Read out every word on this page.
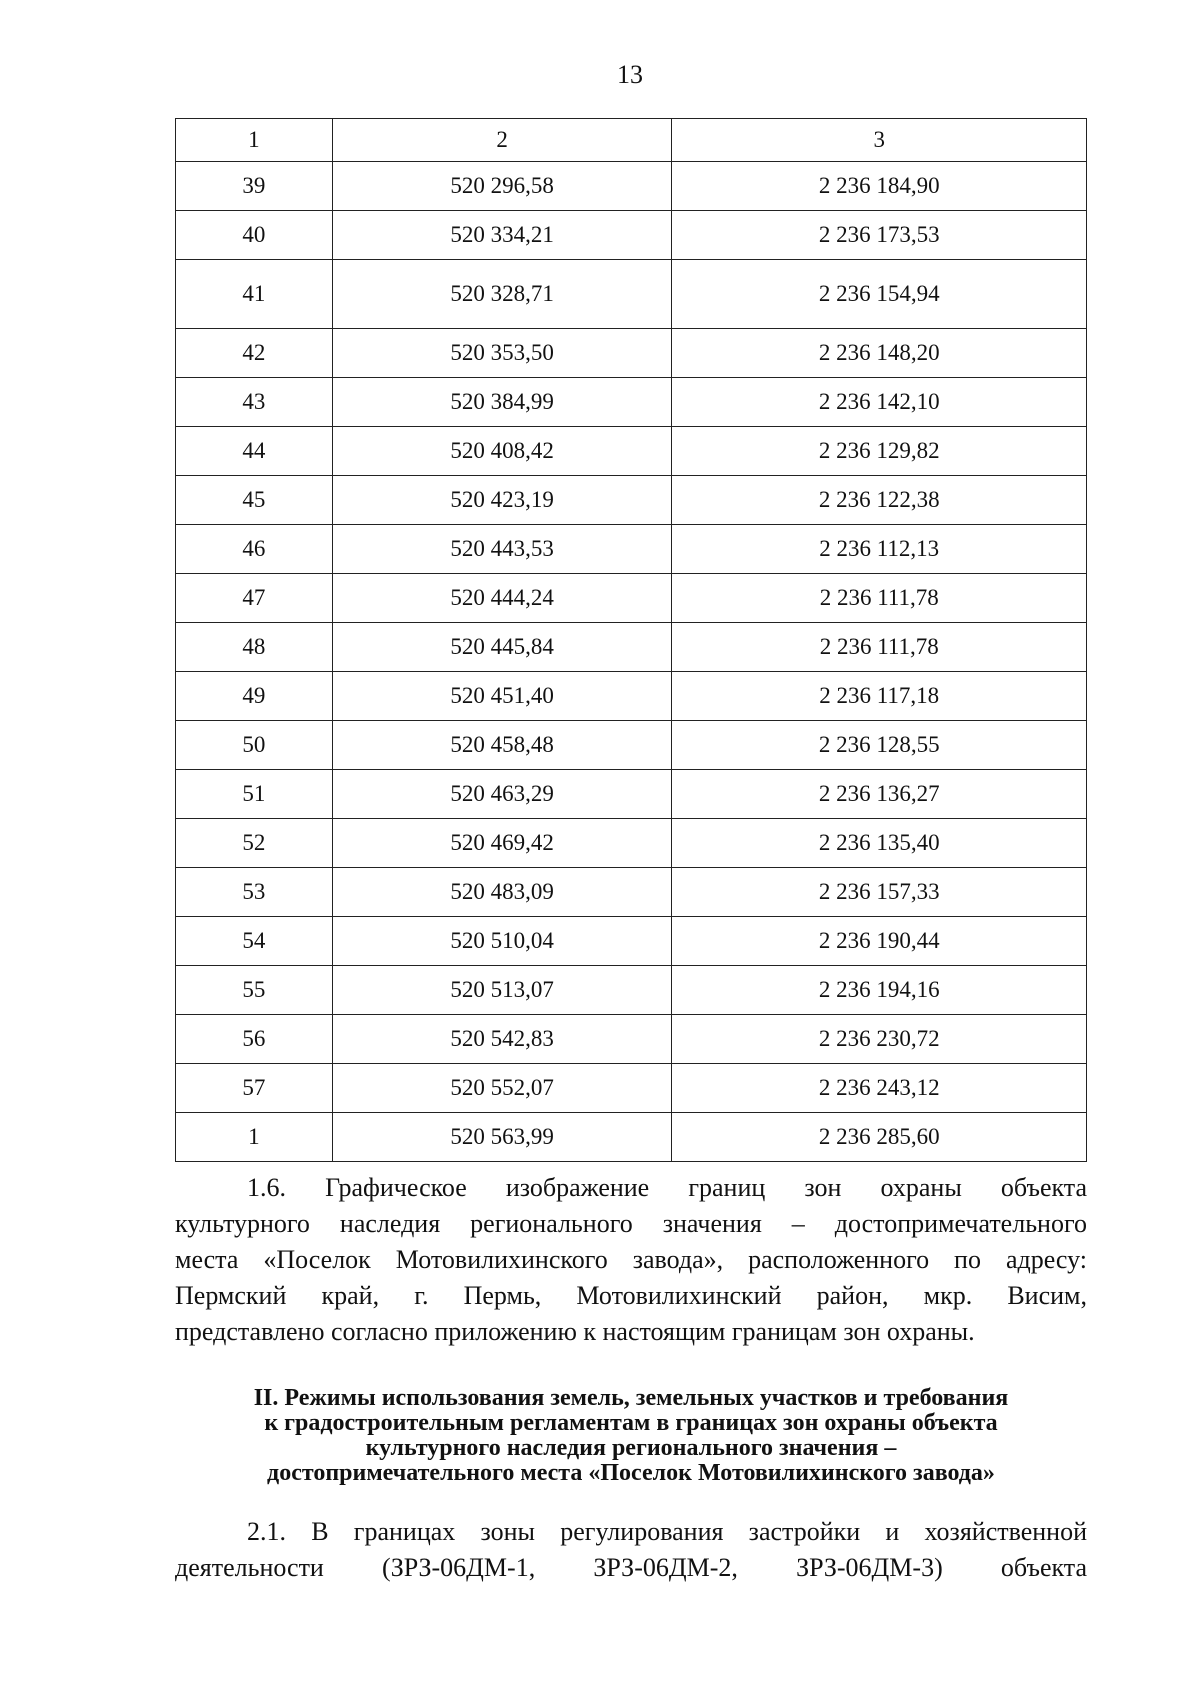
13
1	2	3
39	520 296,58	2 236 184,90
40	520 334,21	2 236 173,53
41	520 328,71	2 236 154,94
42	520 353,50	2 236 148,20
43	520 384,99	2 236 142,10
44	520 408,42	2 236 129,82
45	520 423,19	2 236 122,38
46	520 443,53	2 236 112,13
47	520 444,24	2 236 111,78
48	520 445,84	2 236 111,78
49	520 451,40	2 236 117,18
50	520 458,48	2 236 128,55
51	520 463,29	2 236 136,27
52	520 469,42	2 236 135,40
53	520 483,09	2 236 157,33
54	520 510,04	2 236 190,44
55	520 513,07	2 236 194,16
56	520 542,83	2 236 230,72
57	520 552,07	2 236 243,12
1	520 563,99	2 236 285,60
1.6. Графическое изображение границ зон охраны объекта
культурного наследия регионального значения – достопримечательного
места «Поселок Мотовилихинского завода», расположенного по адресу:
Пермский край, г. Пермь, Мотовилихинский район, мкр. Висим,
представлено согласно приложению к настоящим границам зон охраны.
II. Режимы использования земель, земельных участков и требования
к градостроительным регламентам в границах зон охраны объекта
культурного наследия регионального значения –
достопримечательного места «Поселок Мотовилихинского завода»
2.1. В границах зоны регулирования застройки и хозяйственной
деятельности (ЗРЗ-06ДМ-1, ЗРЗ-06ДМ-2, ЗРЗ-06ДМ-3) объекта
